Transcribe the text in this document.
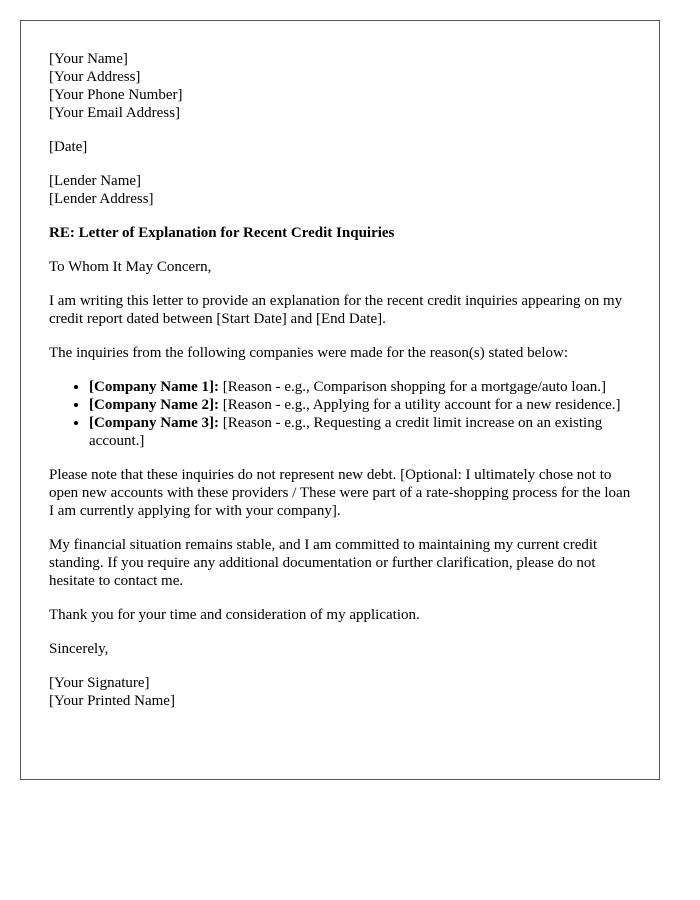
[Your Name]
[Your Address]
[Your Phone Number]
[Your Email Address]
[Date]
[Lender Name]
[Lender Address]
RE: Letter of Explanation for Recent Credit Inquiries

To Whom It May Concern,

I am writing this letter to provide an explanation for the recent credit inquiries appearing on my credit report dated between [Start Date] and [End Date].

The inquiries from the following companies were made for the reason(s) stated below:

• [Company Name 1]: [Reason - e.g., Comparison shopping for a mortgage/auto loan.]
• [Company Name 2]: [Reason - e.g., Applying for a utility account for a new residence.]
• [Company Name 3]: [Reason - e.g., Requesting a credit limit increase on an existing account.]

Please note that these inquiries do not represent new debt. [Optional: I ultimately chose not to open new accounts with these providers / These were part of a rate-shopping process for the loan I am currently applying for with your company].

My financial situation remains stable, and I am committed to maintaining my current credit standing. If you require any additional documentation or further clarification, please do not hesitate to contact me.

Thank you for your time and consideration of my application.

Sincerely,

[Your Signature]
[Your Printed Name]
